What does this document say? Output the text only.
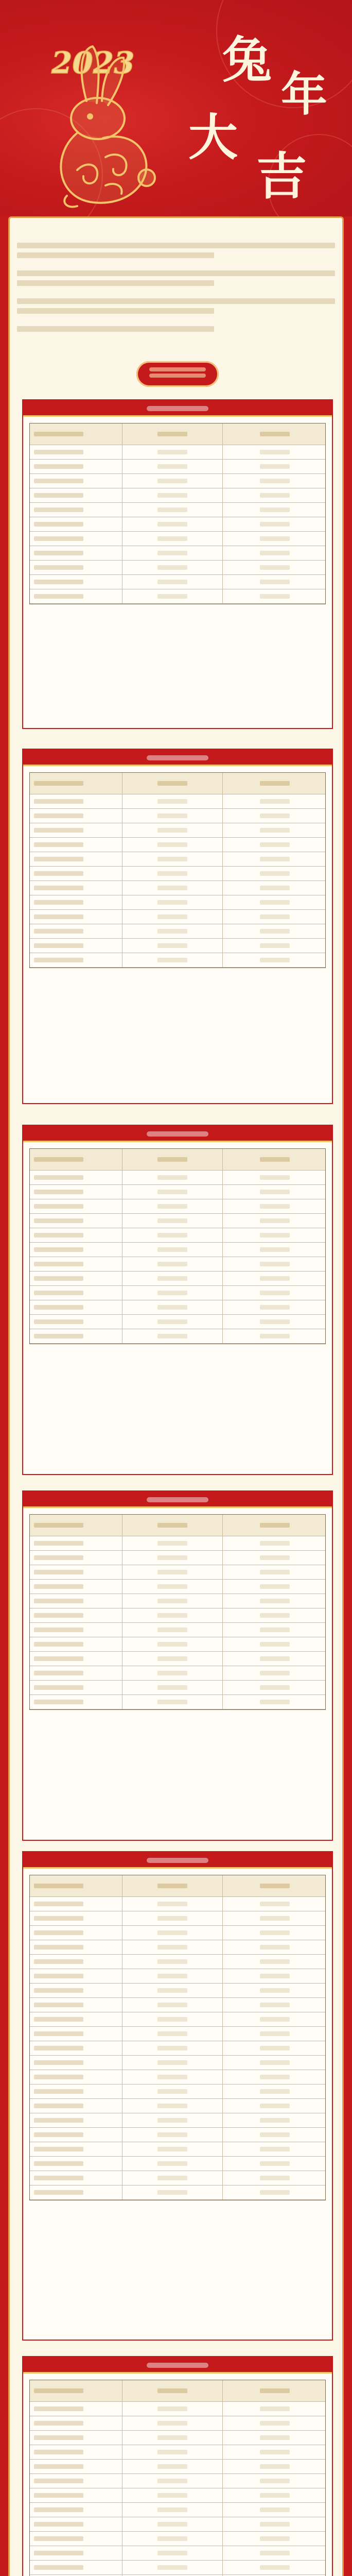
2023 兔
年
大
吉
